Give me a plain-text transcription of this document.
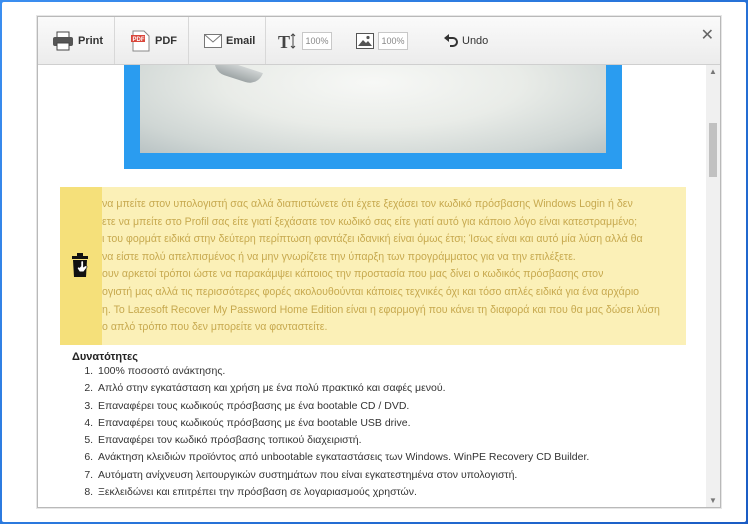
Print	PDF PDF	Email T	100%	100%	Undo	✕
να μπείτε στον υπολογιστή σας αλλά διαπιστώνετε ότι έχετε ξεχάσει τον κωδικό πρόσβασης Windows Login ή δεν
ετε να μπείτε στο Profil σας είτε γιατί ξεχάσατε τον κωδικό σας είτε γιατί αυτό για κάποιο λόγο είναι κατεστραμμένο;
ι του φορμάτ ειδικά στην δεύτερη περίπτωση φαντάζει ιδανική είναι όμως έτσι; Ίσως είναι και αυτό μία λύση αλλά θα
να είστε πολύ απελπισμένος ή να μην γνωρίζετε την ύπαρξη των προγράμματος για να την επιλέξετε.
ουν αρκετοί τρόποι ώστε να παρακάμψει κάποιος την προστασία που μας δίνει ο κωδικός πρόσβασης στον
ογιστή μας αλλά τις περισσότερες φορές ακολουθούνται κάποιες τεχνικές όχι και τόσο απλές ειδικά για ένα αρχάριο
η. Το Lazesoft Recover My Password Home Edition είναι η εφαρμογή που κάνει τη διαφορά και που θα μας δώσει λύση
ο απλό τρόπο που δεν μπορείτε να φανταστείτε.
Δυνατότητες
1. 100% ποσοστό ανάκτησης.
2. Απλό στην εγκατάσταση και χρήση με ένα πολύ πρακτικό και σαφές μενού.
3. Επαναφέρει τους κωδικούς πρόσβασης με ένα bootable CD / DVD.
4. Επαναφέρει τους κωδικούς πρόσβασης με ένα bootable USB drive.
5. Επαναφέρει τον κωδικό πρόσβασης τοπικού διαχειριστή.
6. Ανάκτηση κλειδιών προϊόντος από unbootable εγκαταστάσεις των Windows. WinPE Recovery CD Builder.
7. Αυτόματη ανίχνευση λειτουργικών συστημάτων που είναι εγκατεστημένα στον υπολογιστή.
8. Ξεκλειδώνει και επιτρέπει την πρόσβαση σε λογαριασμούς χρηστών.
▲
▼
